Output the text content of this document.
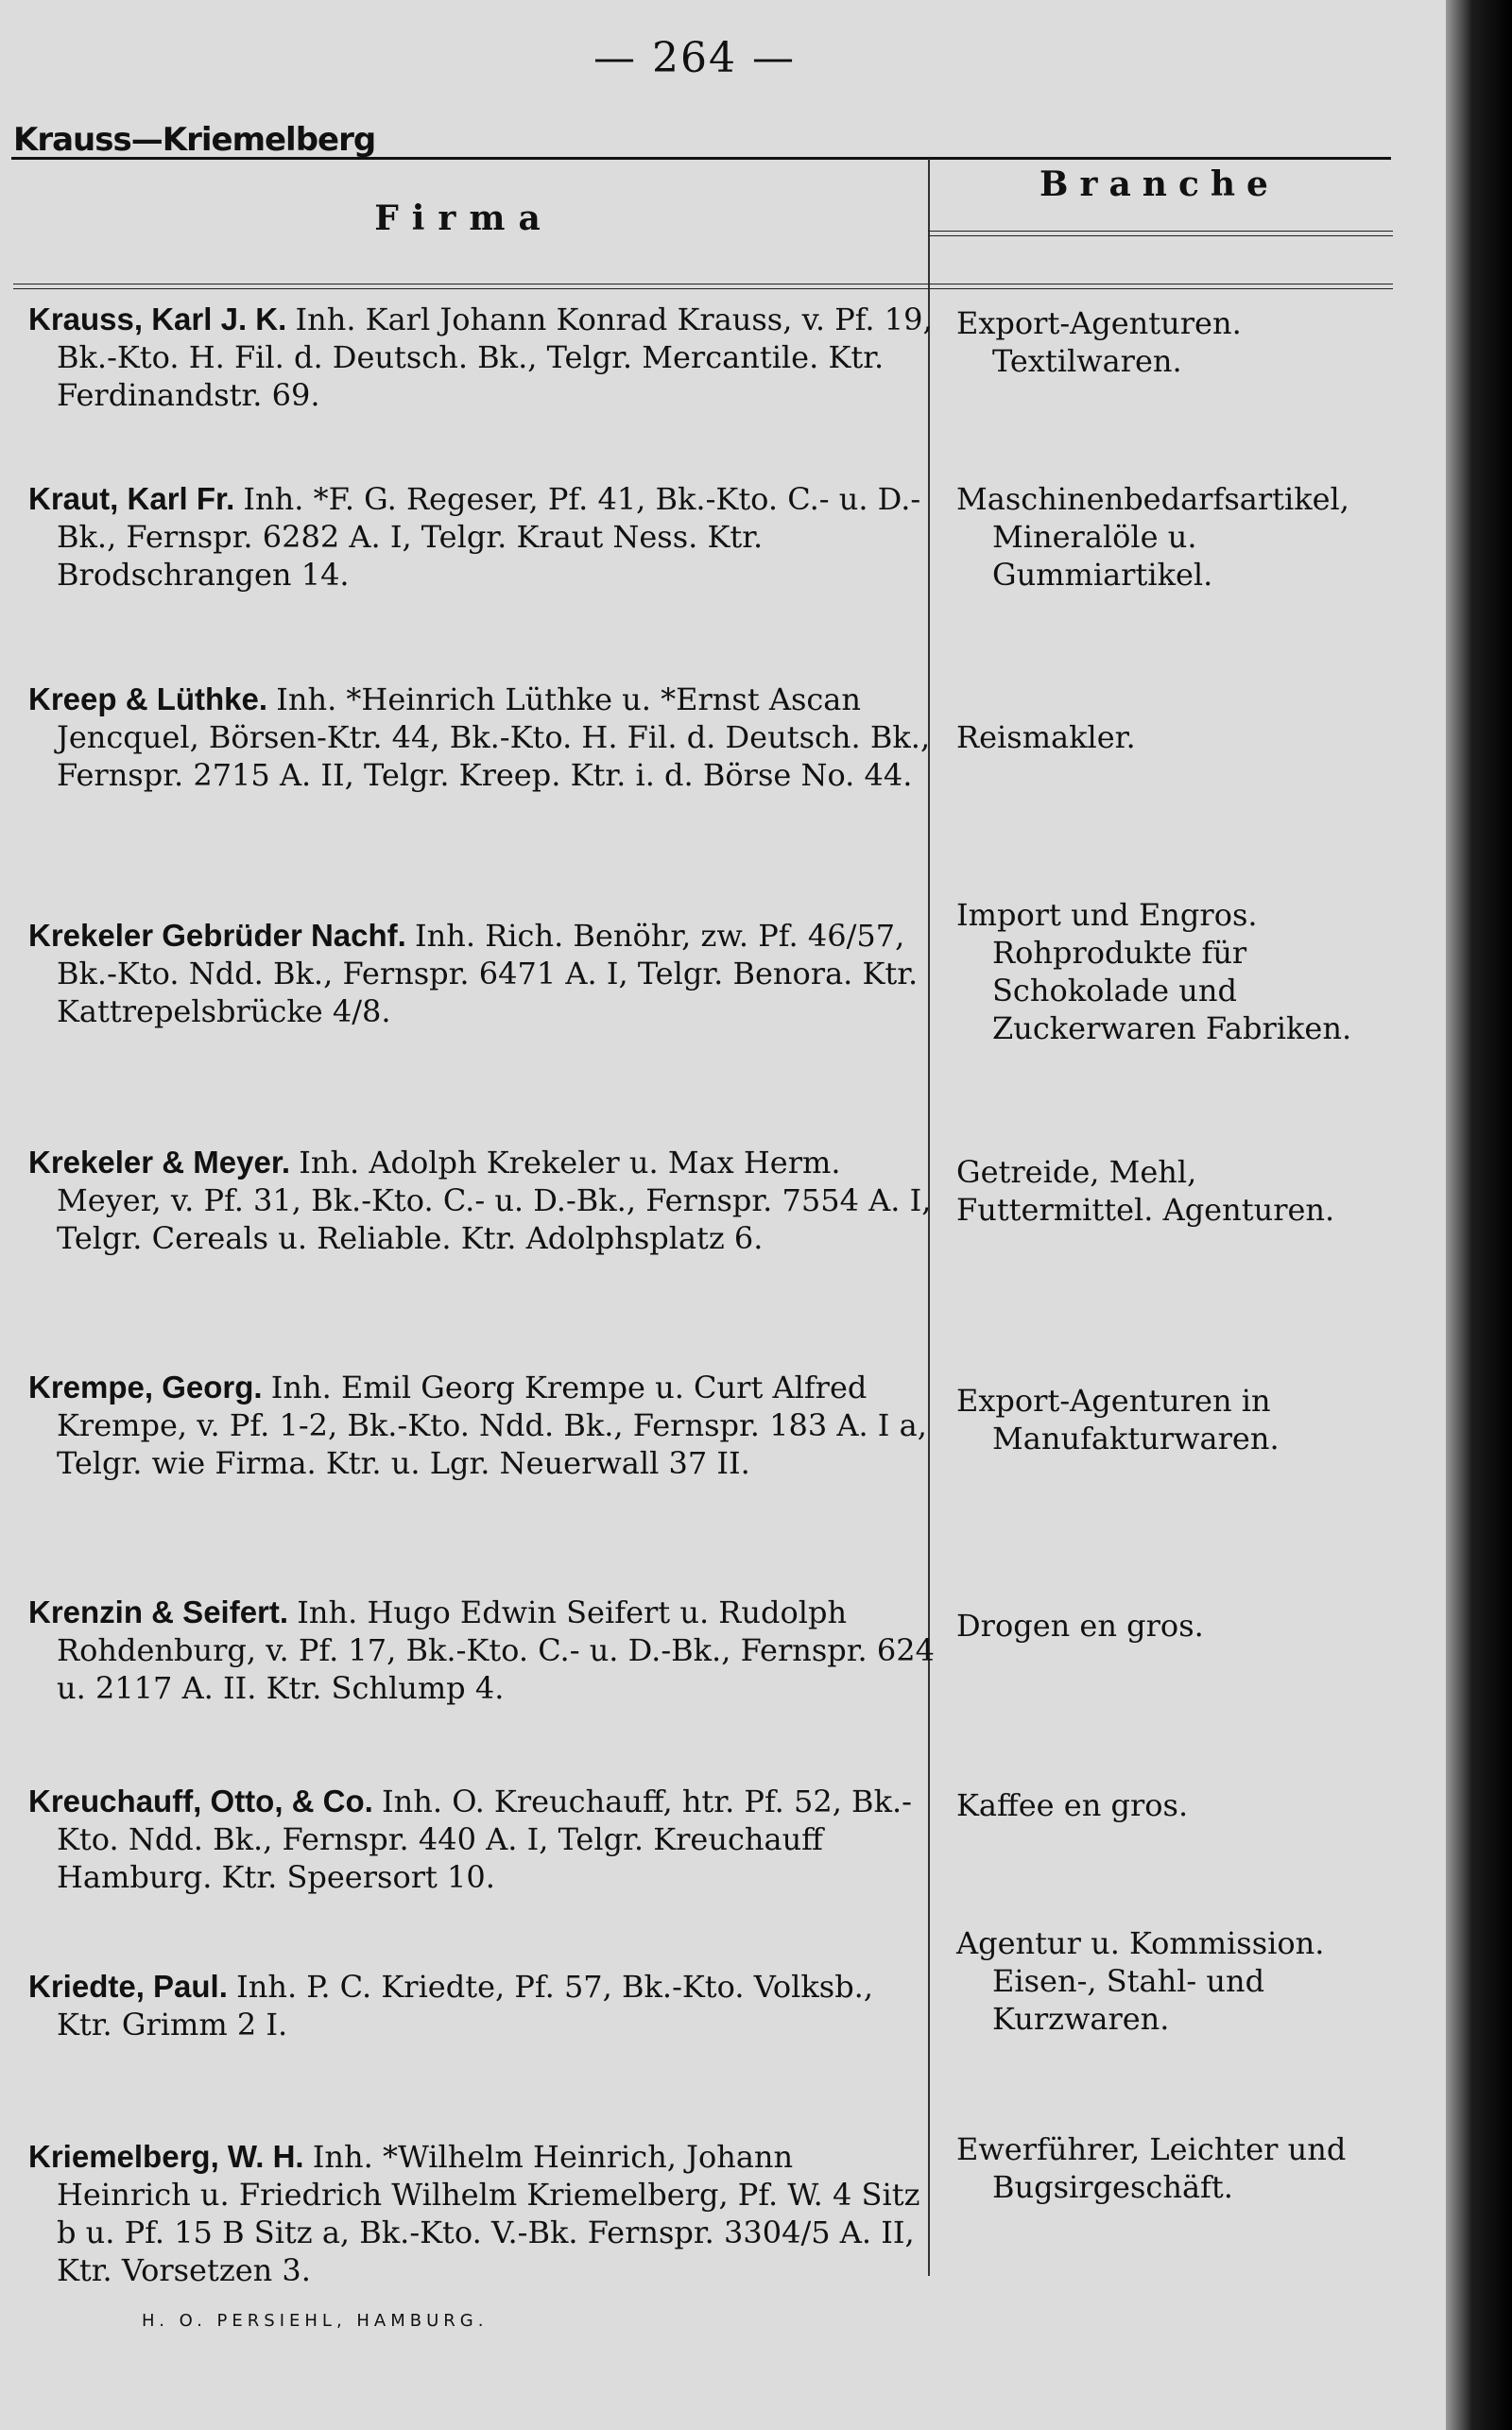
— 264 —
Krauss—Kriemelberg
Firma
Branche
Krauss, Karl J. K . Inh. Karl Johann Konrad Krauss, v. Pf. 19, Bk.-Kto. H. Fil. d. Deutsch. Bk., Telgr. Mercantile. Ktr. Ferdinandstr. 69.
Export-Agenturen.
Textilwaren.
Kraut, Karl Fr . Inh. *F. G. Regeser, Pf. 41, Bk.-Kto. C.- u. D.-Bk., Fernspr. 6282 A. I, Telgr. Kraut Ness. Ktr. Brodschrangen 14.
Maschinenbedarfsartikel,
Mineralöle u. Gummiartikel.
Kreep & Lüthke . Inh. *Heinrich Lüthke u. *Ernst Ascan Jencquel, Börsen-Ktr. 44, Bk.-Kto. H. Fil. d. Deutsch. Bk., Fernspr. 2715 A. II, Telgr. Kreep. Ktr. i. d. Börse No. 44.
Reismakler.
Krekeler Gebrüder Nachf . Inh. Rich. Benöhr, zw. Pf. 46/57, Bk.-Kto. Ndd. Bk., Fernspr. 6471 A. I, Telgr. Benora. Ktr. Kattrepelsbrücke 4/8.
Import und Engros.
Rohprodukte für Schokolade und Zuckerwaren Fabriken.
Krekeler & Meyer . Inh. Adolph Krekeler u. Max Herm. Meyer, v. Pf. 31, Bk.-Kto. C.- u. D.-Bk., Fernspr. 7554 A. I, Telgr. Cereals u. Reliable. Ktr. Adolphsplatz 6.
Getreide, Mehl, Futtermittel. Agenturen.
Krempe, Georg . Inh. Emil Georg Krempe u. Curt Alfred Krempe, v. Pf. 1-2, Bk.-Kto. Ndd. Bk., Fernspr. 183 A. I a, Telgr. wie Firma. Ktr. u. Lgr. Neuerwall 37 II.
Export-Agenturen in
Manufakturwaren.
Krenzin & Seifert . Inh. Hugo Edwin Seifert u. Rudolph Rohdenburg, v. Pf. 17, Bk.-Kto. C.- u. D.-Bk., Fernspr. 624 u. 2117 A. II. Ktr. Schlump 4.
Drogen en gros.
Kreuchauff, Otto, & Co . Inh. O. Kreuchauff, htr. Pf. 52, Bk.-Kto. Ndd. Bk., Fernspr. 440 A. I, Telgr. Kreuchauff Hamburg. Ktr. Speersort 10.
Kaffee en gros.
Kriedte, Paul . Inh. P. C. Kriedte, Pf. 57, Bk.-Kto. Volksb., Ktr. Grimm 2 I.
Agentur u. Kommission.
Eisen-, Stahl- und Kurzwaren.
Kriemelberg, W. H . Inh. *Wilhelm Heinrich, Johann Heinrich u. Friedrich Wilhelm Kriemelberg, Pf. W. 4 Sitz b u. Pf. 15 B Sitz a, Bk.-Kto. V.-Bk. Fernspr. 3304/5 A. II, Ktr. Vorsetzen 3.
Ewerführer, Leichter und
Bugsirgeschäft.
H. O. PERSIEHL, HAMBURG.
